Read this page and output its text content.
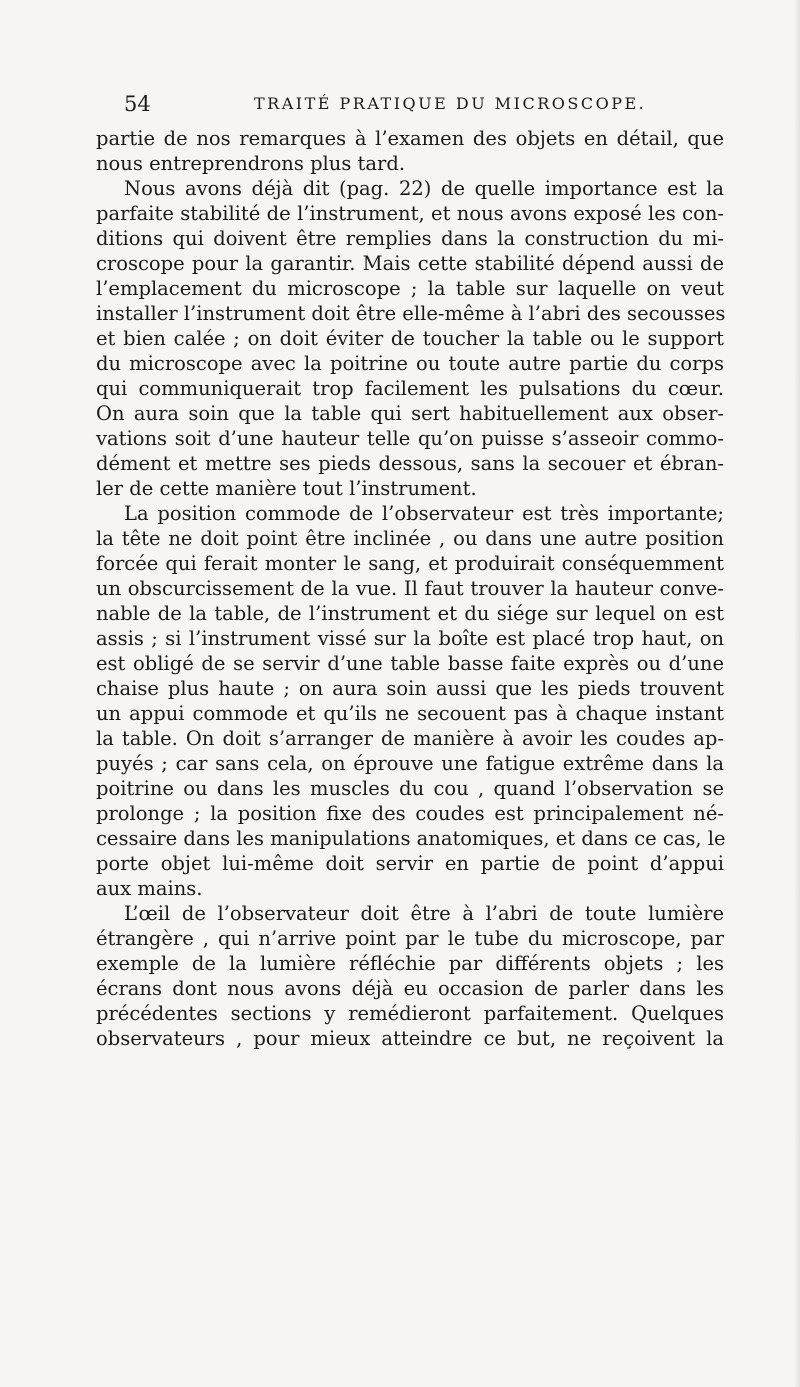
54	TRAITÉ PRATIQUE DU MICROSCOPE.
partie de nos remarques à l’examen des objets en détail, que
nous entreprendrons plus tard.
Nous avons déjà dit (pag. 22) de quelle importance est la
parfaite stabilité de l’instrument, et nous avons exposé les con-
ditions qui doivent être remplies dans la construction du mi-
croscope pour la garantir. Mais cette stabilité dépend aussi de
l’emplacement du microscope ; la table sur laquelle on veut
installer l’instrument doit être elle-même à l’abri des secousses
et bien calée ; on doit éviter de toucher la table ou le support
du microscope avec la poitrine ou toute autre partie du corps
qui communiquerait trop facilement les pulsations du cœur.
On aura soin que la table qui sert habituellement aux obser-
vations soit d’une hauteur telle qu’on puisse s’asseoir commo-
dément et mettre ses pieds dessous, sans la secouer et ébran-
ler de cette manière tout l’instrument.
La position commode de l’observateur est très importante;
la tête ne doit point être inclinée , ou dans une autre position
forcée qui ferait monter le sang, et produirait conséquemment
un obscurcissement de la vue. Il faut trouver la hauteur conve-
nable de la table, de l’instrument et du siége sur lequel on est
assis ; si l’instrument vissé sur la boîte est placé trop haut, on
est obligé de se servir d’une table basse faite exprès ou d’une
chaise plus haute ; on aura soin aussi que les pieds trouvent
un appui commode et qu’ils ne secouent pas à chaque instant
la table. On doit s’arranger de manière à avoir les coudes ap-
puyés ; car sans cela, on éprouve une fatigue extrême dans la
poitrine ou dans les muscles du cou , quand l’observation se
prolonge ; la position fixe des coudes est principalement né-
cessaire dans les manipulations anatomiques, et dans ce cas, le
porte objet lui-même doit servir en partie de point d’appui
aux mains.
L’œil de l’observateur doit être à l’abri de toute lumière
étrangère , qui n’arrive point par le tube du microscope, par
exemple de la lumière réfléchie par différents objets ; les
écrans dont nous avons déjà eu occasion de parler dans les
précédentes sections y remédieront parfaitement. Quelques
observateurs , pour mieux atteindre ce but, ne reçoivent la
